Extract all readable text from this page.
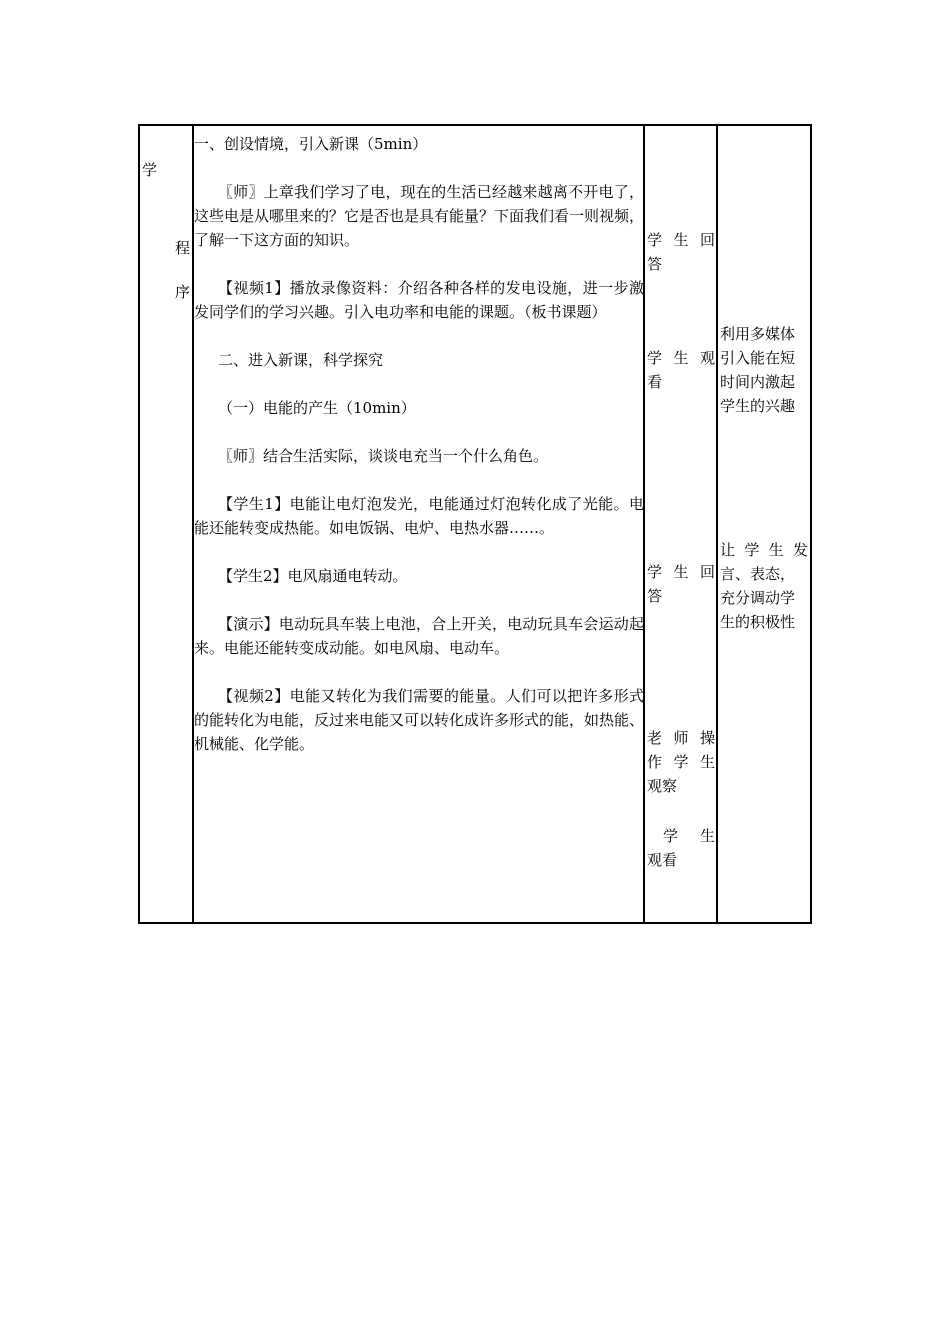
学
程
序

一、创设情境，引入新课（5min）

〖师〗上章我们学习了电，现在的生活已经越来越离不开电了，这些电是从哪里来的？它是否也是具有能量？下面我们看一则视频，了解一下这方面的知识。

【视频1】播放录像资料：介绍各种各样的发电设施，进一步激发同学们的学习兴趣。引入电功率和电能的课题。（板书课题）

二、进入新课，科学探究

（一）电能的产生（10min）

〖师〗结合生活实际，谈谈电充当一个什么角色。

【学生1】电能让电灯泡发光，电能通过灯泡转化成了光能。电能还能转变成热能。如电饭锅、电炉、电热水器……。

【学生2】电风扇通电转动。

【演示】电动玩具车装上电池，合上开关，电动玩具车会运动起来。电能还能转变成动能。如电风扇、电动车。

【视频2】电能又转化为我们需要的能量。人们可以把许多形式的能转化为电能，反过来电能又可以转化成许多形式的能，如热能、机械能、化学能。

学 生 回
答
学 生 观
看
学 生 回
答
老 师 操
作 学 生
观察
学 生
观看
利用多媒体
引入能在短
时间内激起
学生的兴趣
让 学 生 发
言、表态，
充分调动学
生的积极性
